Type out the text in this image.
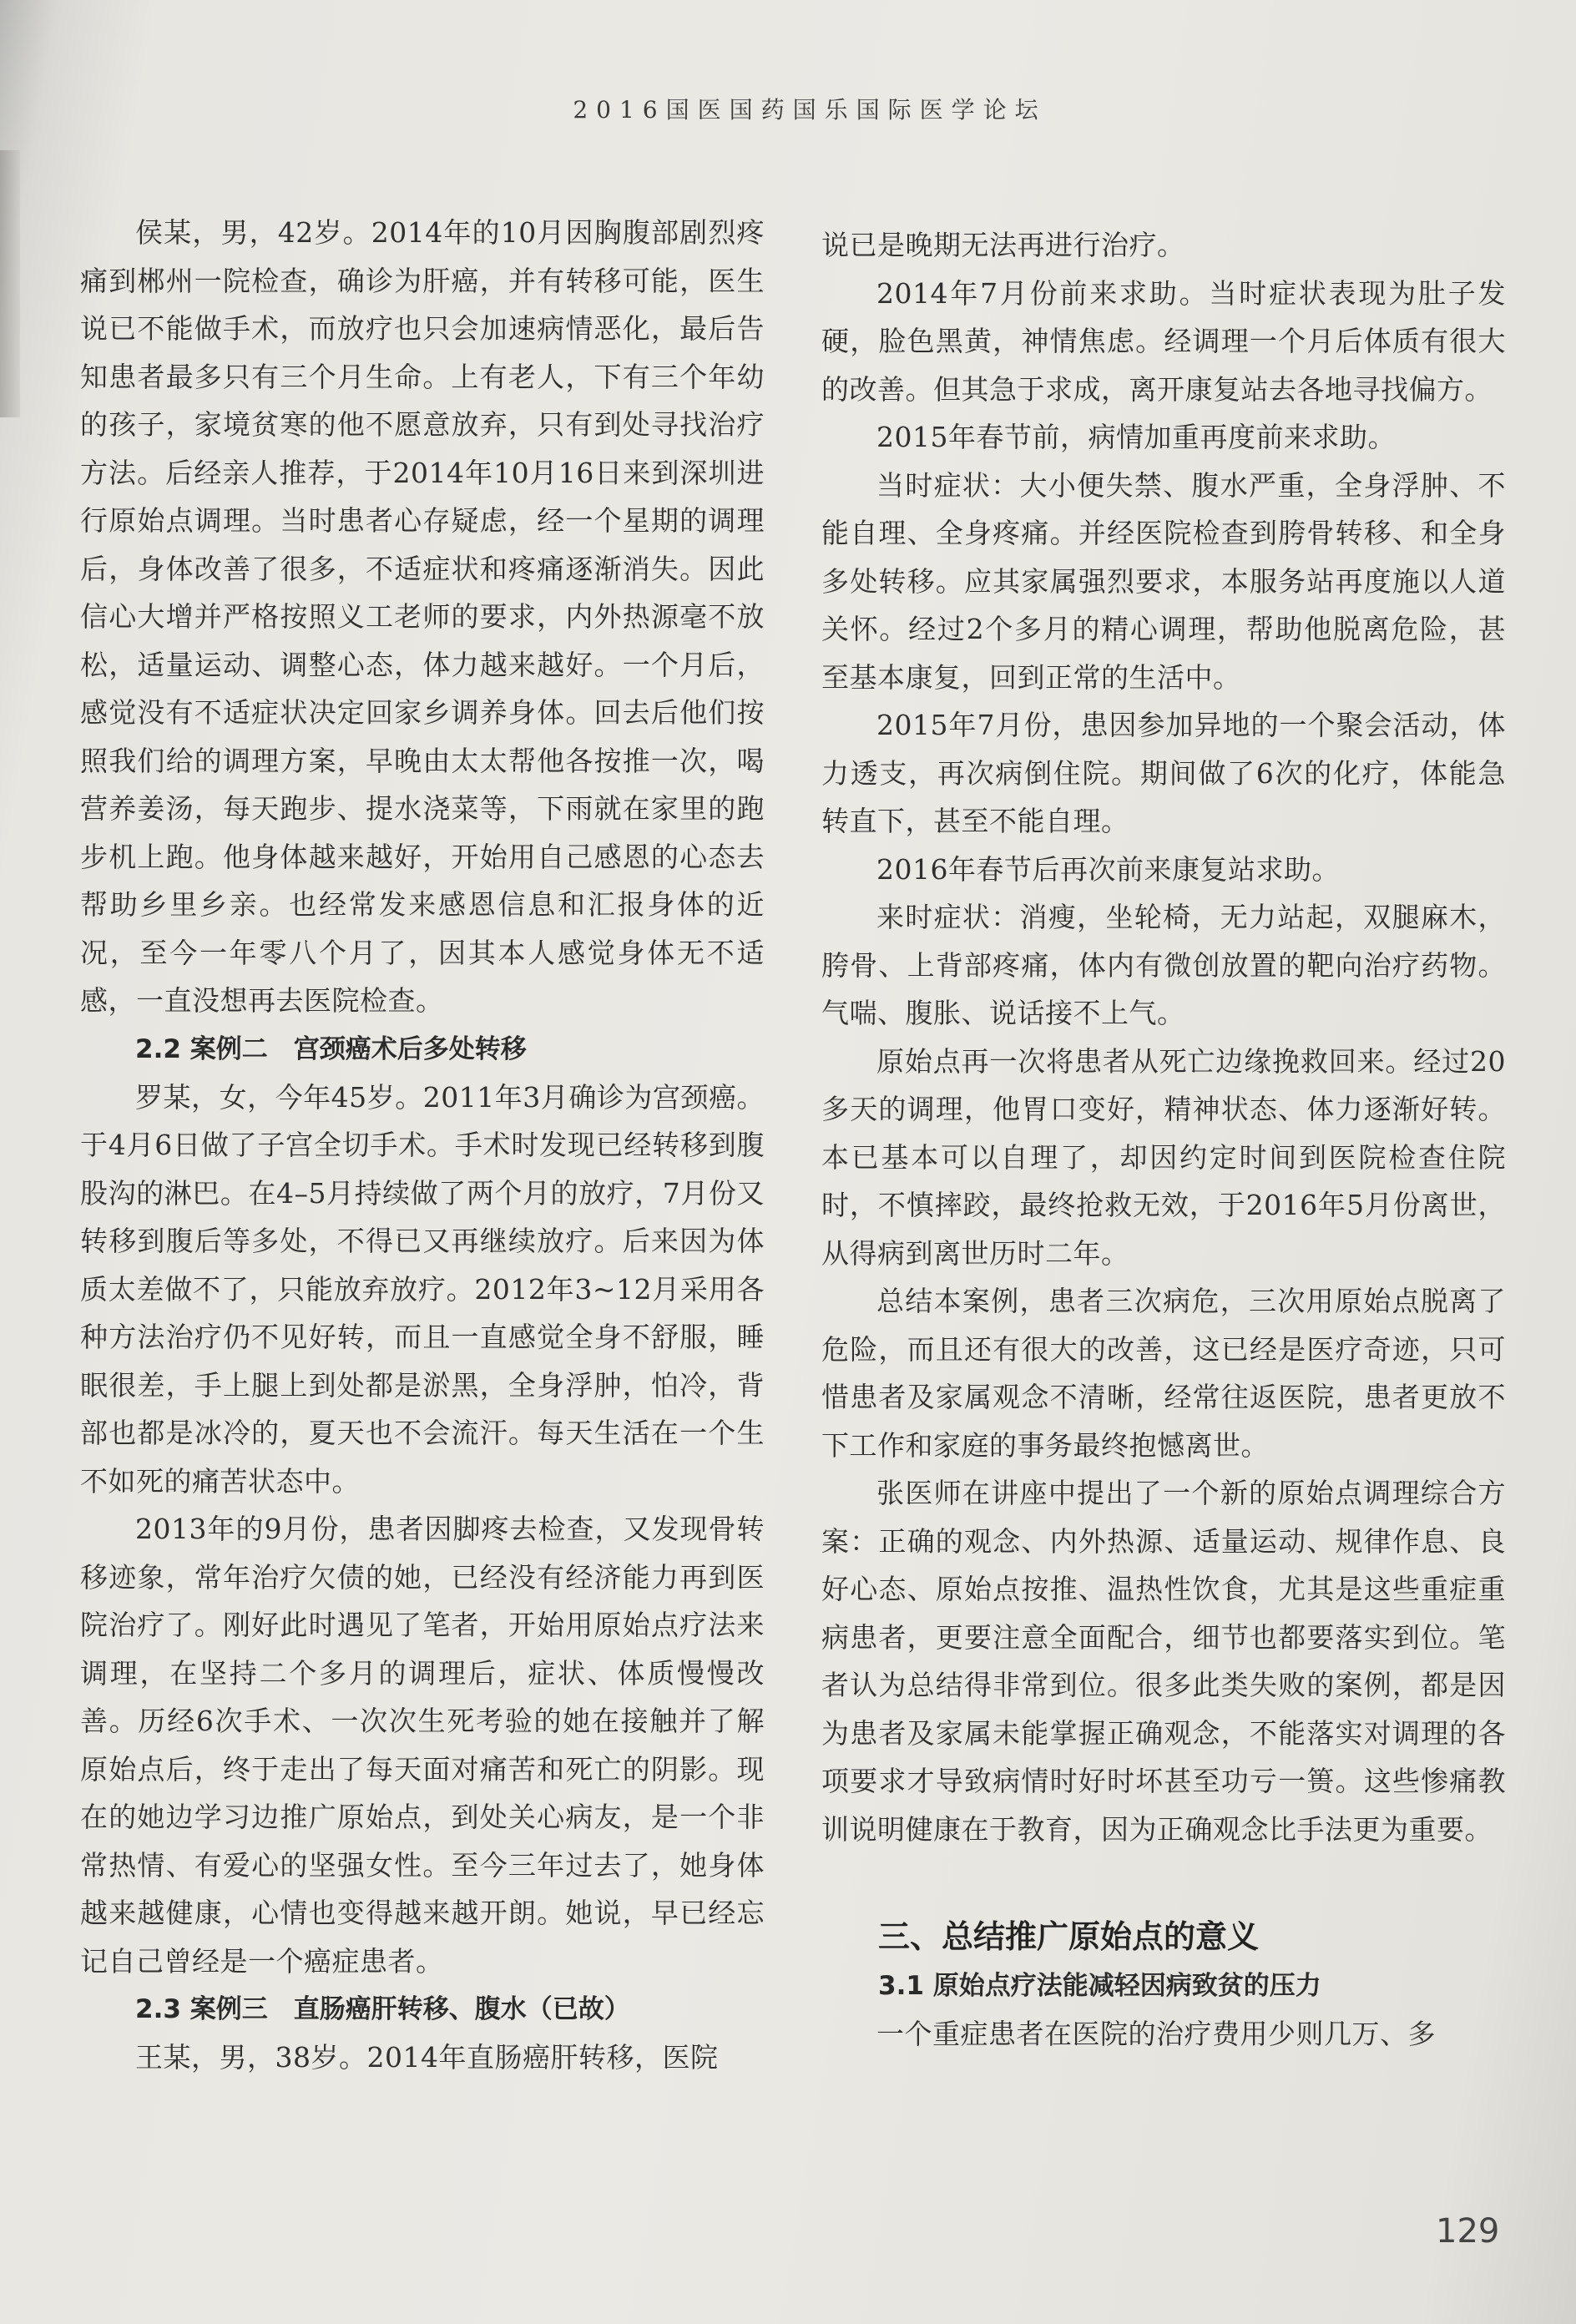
2016国医国药国乐国际医学论坛

侯某，男，42岁。2014年的10月因胸腹部剧烈疼痛到郴州一院检查，确诊为肝癌，并有转移可能，医生说已不能做手术，而放疗也只会加速病情恶化，最后告知患者最多只有三个月生命。上有老人，下有三个年幼的孩子，家境贫寒的他不愿意放弃，只有到处寻找治疗方法。后经亲人推荐，于2014年10月16日来到深圳进行原始点调理。当时患者心存疑虑，经一个星期的调理后，身体改善了很多，不适症状和疼痛逐渐消失。因此信心大增并严格按照义工老师的要求，内外热源毫不放松，适量运动、调整心态，体力越来越好。一个月后，感觉没有不适症状决定回家乡调养身体。回去后他们按照我们给的调理方案，早晚由太太帮他各按推一次，喝营养姜汤，每天跑步、提水浇菜等，下雨就在家里的跑步机上跑。他身体越来越好，开始用自己感恩的心态去帮助乡里乡亲。也经常发来感恩信息和汇报身体的近况，至今一年零八个月了，因其本人感觉身体无不适感，一直没想再去医院检查。

2.2 案例二　宫颈癌术后多处转移

罗某，女，今年45岁。2011年3月确诊为宫颈癌。于4月6日做了子宫全切手术。手术时发现已经转移到腹股沟的淋巴。在4–5月持续做了两个月的放疗，7月份又转移到腹后等多处，不得已又再继续放疗。后来因为体质太差做不了，只能放弃放疗。2012年3~12月采用各种方法治疗仍不见好转，而且一直感觉全身不舒服，睡眠很差，手上腿上到处都是淤黑，全身浮肿，怕冷，背部也都是冰冷的，夏天也不会流汗。每天生活在一个生不如死的痛苦状态中。

2013年的9月份，患者因脚疼去检查，又发现骨转移迹象，常年治疗欠债的她，已经没有经济能力再到医院治疗了。刚好此时遇见了笔者，开始用原始点疗法来调理，在坚持二个多月的调理后，症状、体质慢慢改善。历经6次手术、一次次生死考验的她在接触并了解原始点后，终于走出了每天面对痛苦和死亡的阴影。现在的她边学习边推广原始点，到处关心病友，是一个非常热情、有爱心的坚强女性。至今三年过去了，她身体越来越健康，心情也变得越来越开朗。她说，早已经忘记自己曾经是一个癌症患者。

2.3 案例三　直肠癌肝转移、腹水（已故）

王某，男，38岁。2014年直肠癌肝转移，医院

说已是晚期无法再进行治疗。

2014年7月份前来求助。当时症状表现为肚子发硬，脸色黑黄，神情焦虑。经调理一个月后体质有很大的改善。但其急于求成，离开康复站去各地寻找偏方。

2015年春节前，病情加重再度前来求助。

当时症状：大小便失禁、腹水严重，全身浮肿、不能自理、全身疼痛。并经医院检查到胯骨转移、和全身多处转移。应其家属强烈要求，本服务站再度施以人道关怀。经过2个多月的精心调理，帮助他脱离危险，甚至基本康复，回到正常的生活中。

2015年7月份，患因参加异地的一个聚会活动，体力透支，再次病倒住院。期间做了6次的化疗，体能急转直下，甚至不能自理。

2016年春节后再次前来康复站求助。

来时症状：消瘦，坐轮椅，无力站起，双腿麻木，胯骨、上背部疼痛，体内有微创放置的靶向治疗药物。气喘、腹胀、说话接不上气。

原始点再一次将患者从死亡边缘挽救回来。经过20多天的调理，他胃口变好，精神状态、体力逐渐好转。本已基本可以自理了，却因约定时间到医院检查住院时，不慎摔跤，最终抢救无效，于2016年5月份离世，从得病到离世历时二年。

总结本案例，患者三次病危，三次用原始点脱离了危险，而且还有很大的改善，这已经是医疗奇迹，只可惜患者及家属观念不清晰，经常往返医院，患者更放不下工作和家庭的事务最终抱憾离世。

张医师在讲座中提出了一个新的原始点调理综合方案：正确的观念、内外热源、适量运动、规律作息、良好心态、原始点按推、温热性饮食，尤其是这些重症重病患者，更要注意全面配合，细节也都要落实到位。笔者认为总结得非常到位。很多此类失败的案例，都是因为患者及家属未能掌握正确观念，不能落实对调理的各项要求才导致病情时好时坏甚至功亏一篑。这些惨痛教训说明健康在于教育，因为正确观念比手法更为重要。

三、总结推广原始点的意义
3.1 原始点疗法能减轻因病致贫的压力

一个重症患者在医院的治疗费用少则几万、多

129
